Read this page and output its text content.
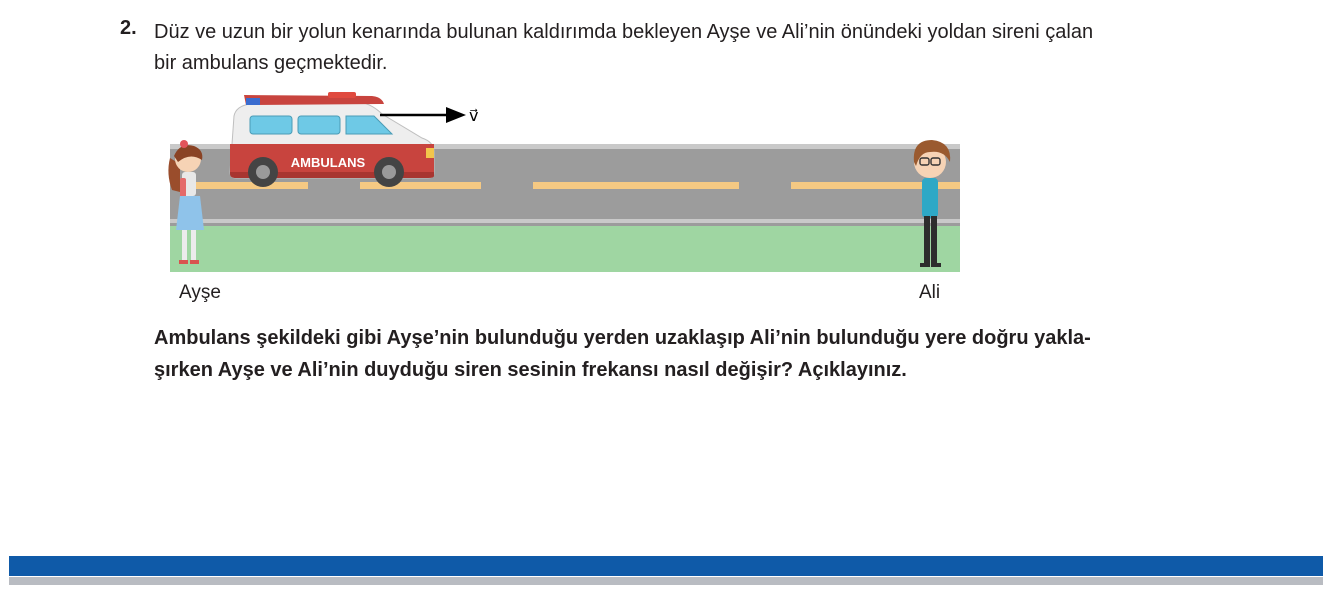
2. Düz ve uzun bir yolun kenarında bulunan kaldırımda bekleyen Ayşe ve Ali’nin önündeki yoldan sireni çalan
bir ambulans geçmektedir.
AMBULANS
v⃗
Ayşe	Ali
Ambulans şekildeki gibi Ayşe’nin bulunduğu yerden uzaklaşıp Ali’nin bulunduğu yere doğru yakla-
şırken Ayşe ve Ali’nin duyduğu siren sesinin frekansı nasıl değişir? Açıklayınız.
